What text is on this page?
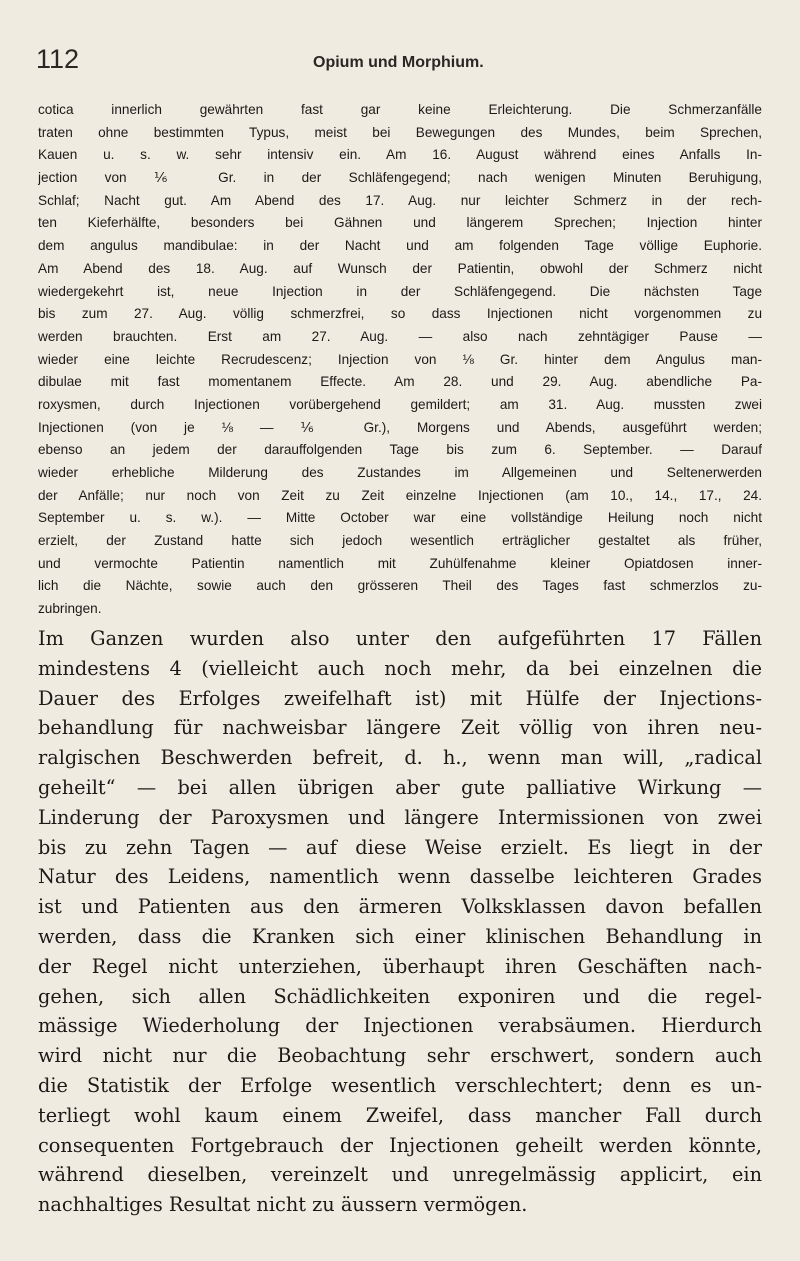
112	Opium und Morphium.
cotica innerlich gewährten fast gar keine Erleichterung. Die Schmerzanfälle
traten ohne bestimmten Typus, meist bei Bewegungen des Mundes, beim Sprechen,
Kauen u. s. w. sehr intensiv ein. Am 16. August während eines Anfalls In-
jection von ⅙ Gr. in der Schläfengegend; nach wenigen Minuten Beruhigung,
Schlaf; Nacht gut. Am Abend des 17. Aug. nur leichter Schmerz in der rech-
ten Kieferhälfte, besonders bei Gähnen und längerem Sprechen; Injection hinter
dem angulus mandibulae: in der Nacht und am folgenden Tage völlige Euphorie.
Am Abend des 18. Aug. auf Wunsch der Patientin, obwohl der Schmerz nicht
wiedergekehrt ist, neue Injection in der Schläfengegend. Die nächsten Tage
bis zum 27. Aug. völlig schmerzfrei, so dass Injectionen nicht vorgenommen zu
werden brauchten. Erst am 27. Aug. — also nach zehntägiger Pause —
wieder eine leichte Recrudescenz; Injection von ⅛ Gr. hinter dem Angulus man-
dibulae mit fast momentanem Effecte. Am 28. und 29. Aug. abendliche Pa-
roxysmen, durch Injectionen vorübergehend gemildert; am 31. Aug. mussten zwei
Injectionen (von je ⅛ — ⅙ Gr.), Morgens und Abends, ausgeführt werden;
ebenso an jedem der darauffolgenden Tage bis zum 6. September. — Darauf
wieder erhebliche Milderung des Zustandes im Allgemeinen und Seltenerwerden
der Anfälle; nur noch von Zeit zu Zeit einzelne Injectionen (am 10., 14., 17., 24.
September u. s. w.). — Mitte October war eine vollständige Heilung noch nicht
erzielt, der Zustand hatte sich jedoch wesentlich erträglicher gestaltet als früher,
und vermochte Patientin namentlich mit Zuhülfenahme kleiner Opiatdosen inner-
lich die Nächte, sowie auch den grösseren Theil des Tages fast schmerzlos zu-
zubringen.
Im Ganzen wurden also unter den aufgeführten 17 Fällen
mindestens 4 (vielleicht auch noch mehr, da bei einzelnen die
Dauer des Erfolges zweifelhaft ist) mit Hülfe der Injections-
behandlung für nachweisbar längere Zeit völlig von ihren neu-
ralgischen Beschwerden befreit, d. h., wenn man will, „radical
geheilt“ — bei allen übrigen aber gute palliative Wirkung —
Linderung der Paroxysmen und längere Intermissionen von zwei
bis zu zehn Tagen — auf diese Weise erzielt. Es liegt in der
Natur des Leidens, namentlich wenn dasselbe leichteren Grades
ist und Patienten aus den ärmeren Volksklassen davon befallen
werden, dass die Kranken sich einer klinischen Behandlung in
der Regel nicht unterziehen, überhaupt ihren Geschäften nach-
gehen, sich allen Schädlichkeiten exponiren und die regel-
mässige Wiederholung der Injectionen verabsäumen. Hierdurch
wird nicht nur die Beobachtung sehr erschwert, sondern auch
die Statistik der Erfolge wesentlich verschlechtert; denn es un-
terliegt wohl kaum einem Zweifel, dass mancher Fall durch
consequenten Fortgebrauch der Injectionen geheilt werden könnte,
während dieselben, vereinzelt und unregelmässig applicirt, ein
nachhaltiges Resultat nicht zu äussern vermögen.
